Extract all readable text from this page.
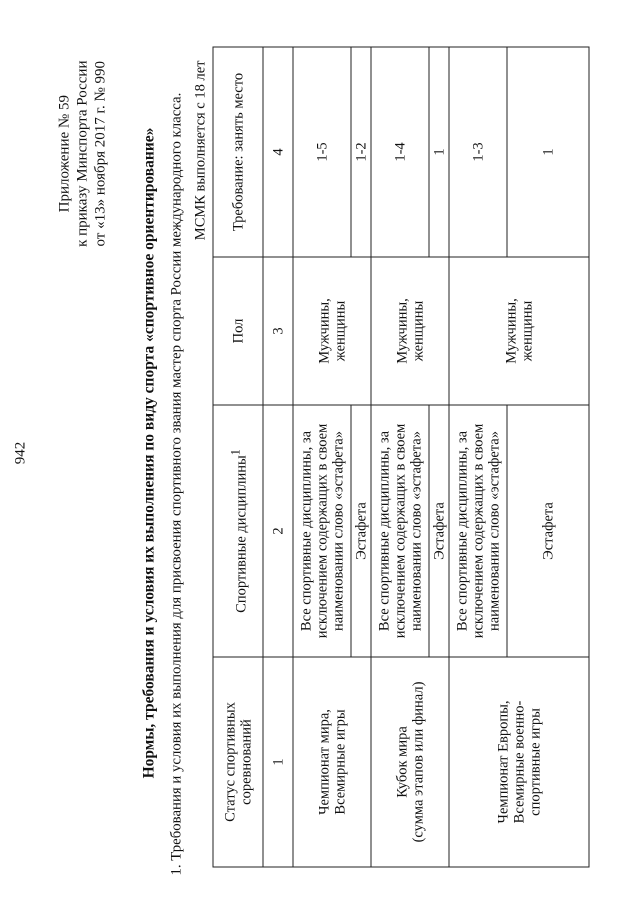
942
Приложение № 59 к приказу Минспорта России от «13» ноября 2017 г. № 990 Нормы, требования и условия их выполнения по виду спорта «спортивное ориентирование» 1. Требования и условия их выполнения для присвоения спортивного звания мастер спорта России международного класса. МСМК выполняется с 18 лет
Статус спортивных соревнований	Спортивные дисциплины$^1$	Пол	Требование: занять место
1	2	3	4

Чемпионат мира, Всемирные игры	Все спортивные дисциплины, за исключением содержащих в своем наименовании слово «эстафета»	Мужчины, женщины	1-5
	Эстафета		1-2

Кубок мира (сумма этапов или финал)	Все спортивные дисциплины, за исключением содержащих в своем наименовании слово «эстафета»	Мужчины, женщины	1-4
	Эстафета		1

Чемпионат Европы, Всемирные военно- спортивные игры	Все спортивные дисциплины, за исключением содержащих в своем наименовании слово «эстафета»	Мужчины, женщины	1-3
	Эстафета		1
